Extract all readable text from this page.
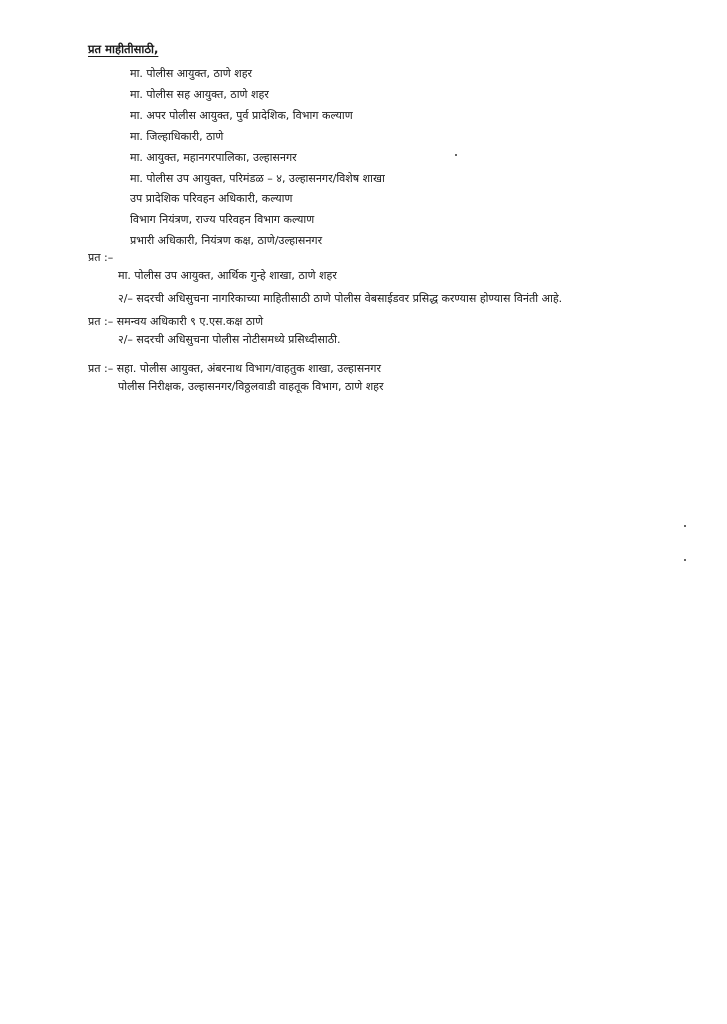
प्रत माहीतीसाठी,
मा. पोलीस आयुक्त, ठाणे शहर
मा. पोलीस सह आयुक्त, ठाणे शहर
मा. अपर पोलीस आयुक्त, पुर्व प्रादेशिक, विभाग कल्याण
मा. जिल्हाधिकारी, ठाणे
मा. आयुक्त, महानगरपालिका, उल्हासनगर
मा. पोलीस उप आयुक्त, परिमंडळ – ४, उल्हासनगर/विशेष शाखा
उप प्रादेशिक परिवहन अधिकारी, कल्याण
विभाग नियंत्रण, राज्य परिवहन विभाग कल्याण
प्रभारी अधिकारी, नियंत्रण कक्ष, ठाणे/उल्हासनगर
प्रत :–
मा. पोलीस उप आयुक्त, आर्थिक गुन्हे शाखा, ठाणे शहर
२/– सदरची अधिसुचना नागरिकाच्या माहितीसाठी ठाणे पोलीस वेबसाईडवर प्रसिद्ध करण्यास होण्यास विनंती आहे.
प्रत :– समन्वय अधिकारी ९ ए.एस.कक्ष ठाणे
२/– सदरची अधिसुचना पोलीस नोटीसमध्ये प्रसिध्दीसाठी.
प्रत :– सहा. पोलीस आयुक्त, अंबरनाथ विभाग/वाहतुक शाखा, उल्हासनगर
पोलीस निरीक्षक, उल्हासनगर/विठ्ठलवाडी वाहतूक विभाग, ठाणे शहर
